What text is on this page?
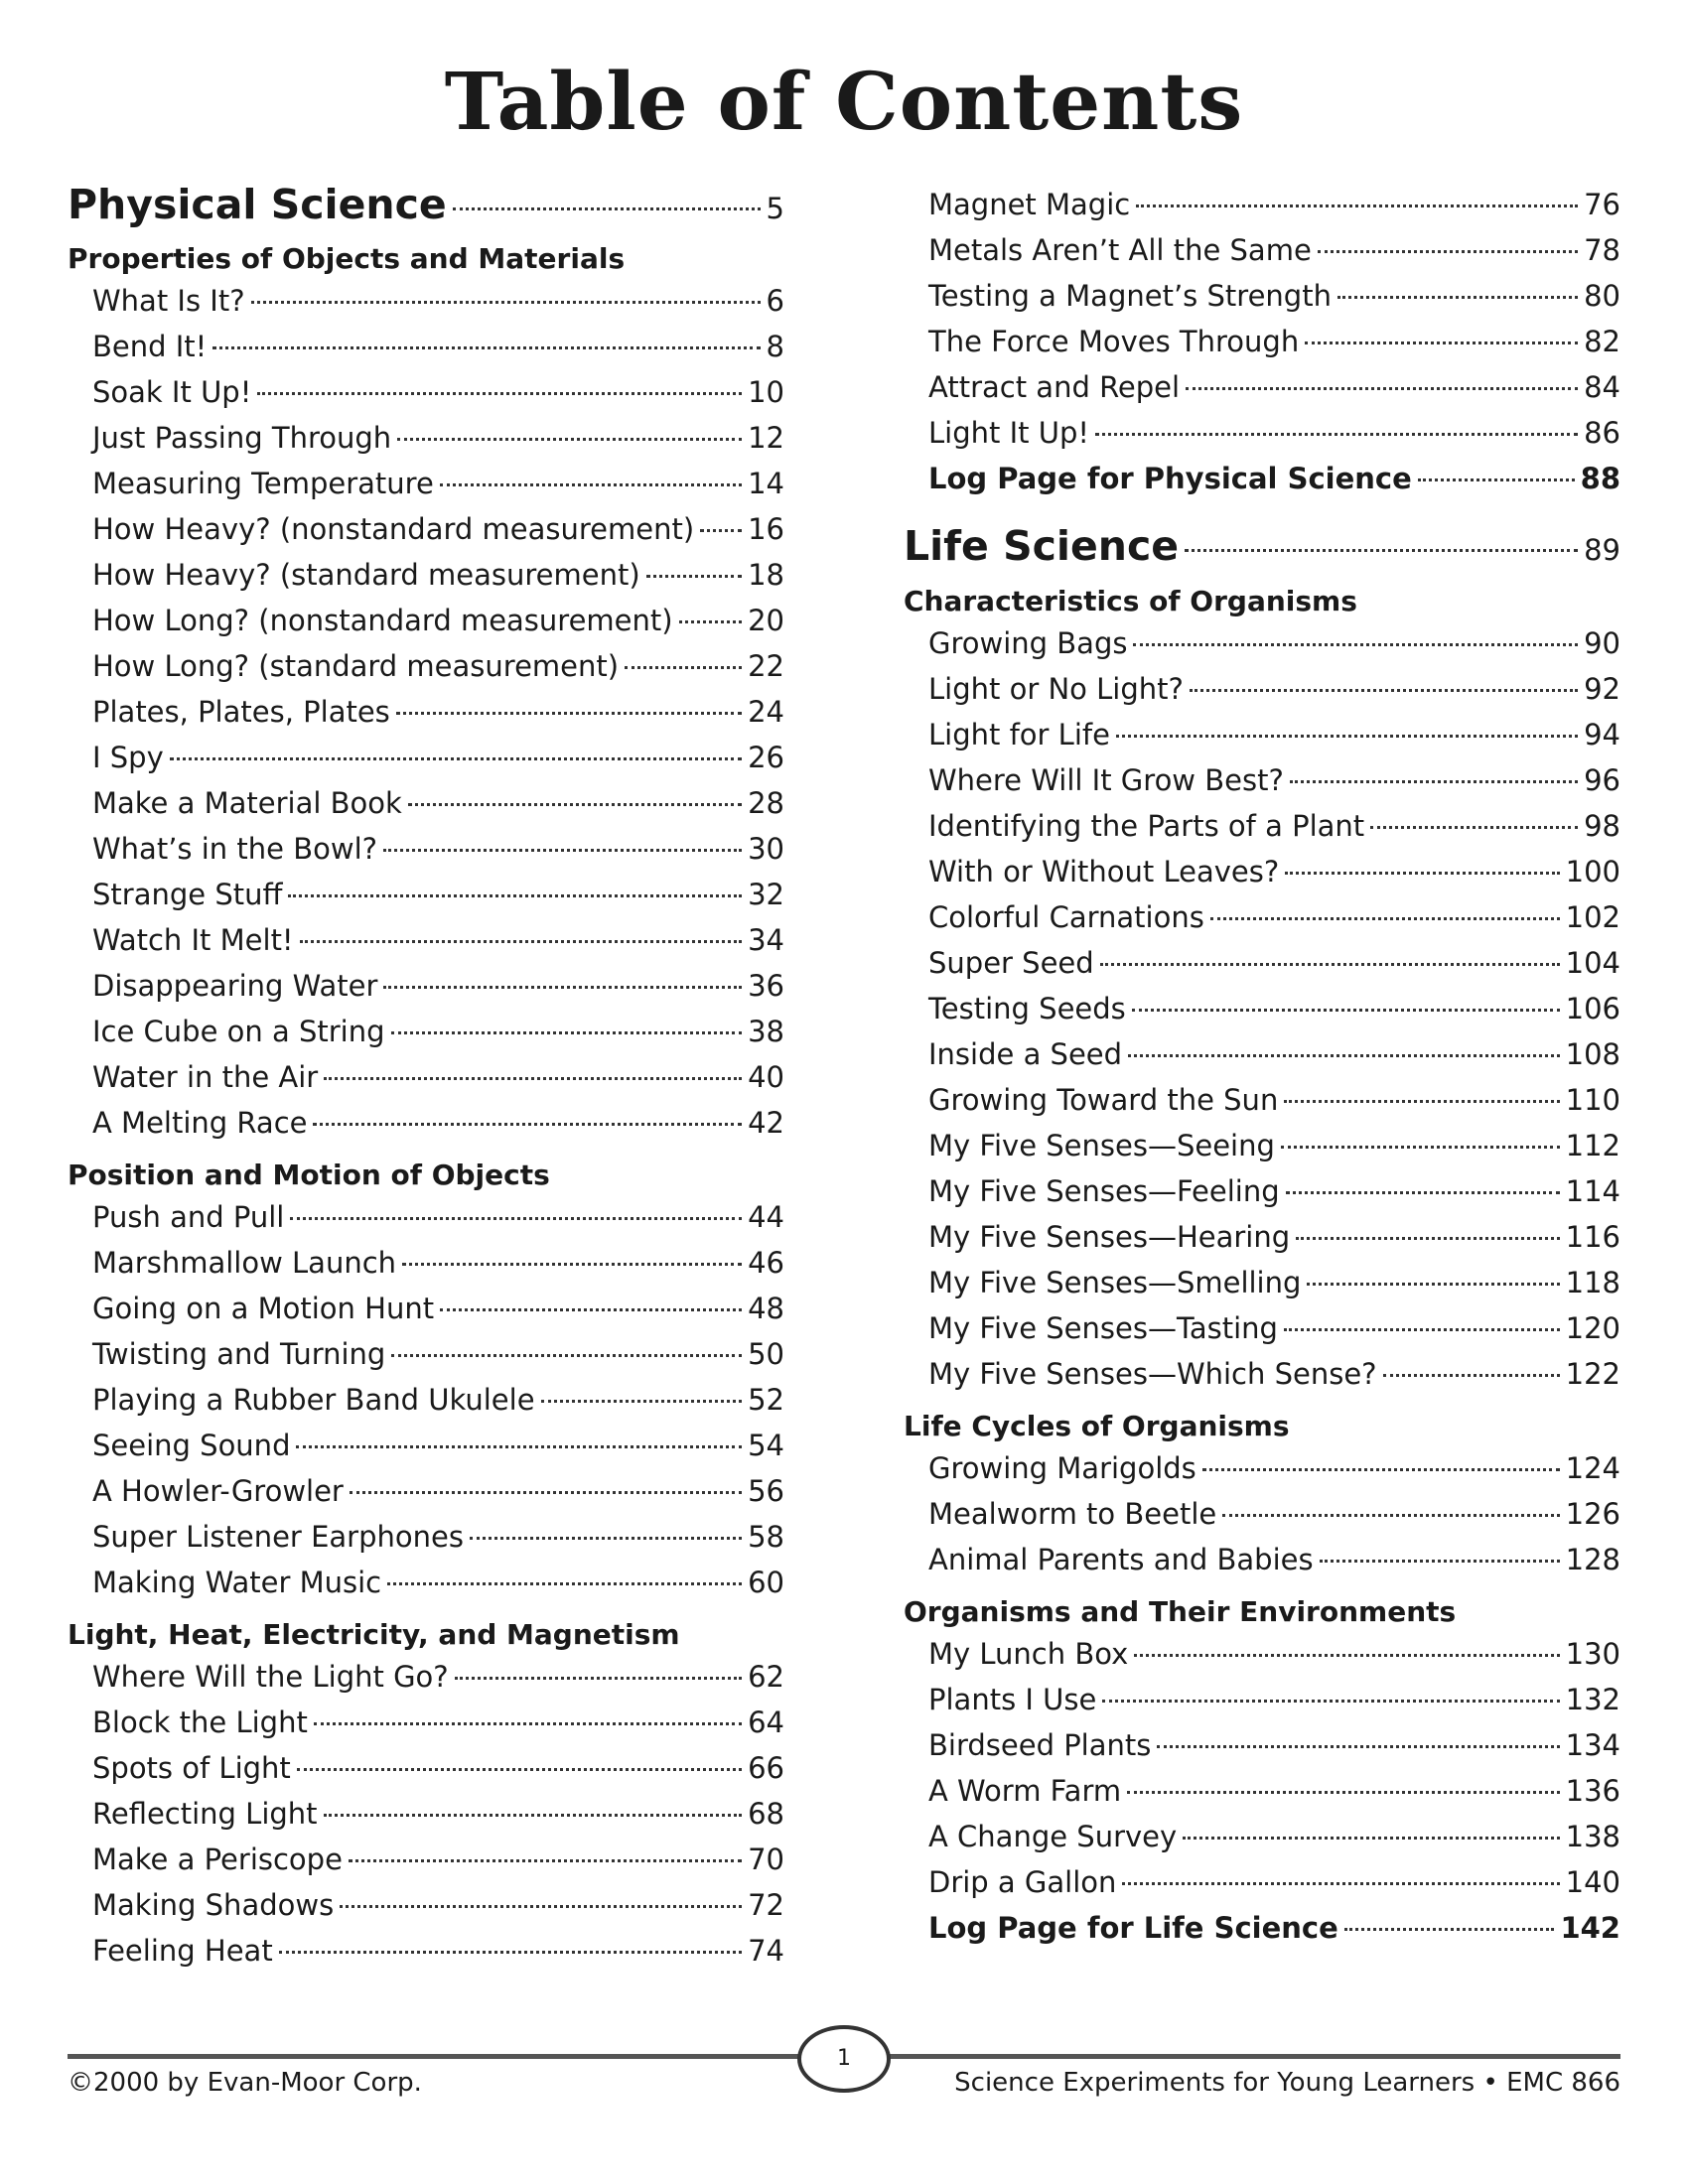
Table of Contents
Physical Science	5
Properties of Objects and Materials
What Is It?	6
Bend It!	8
Soak It Up!	10
Just Passing Through	12
Measuring Temperature	14
How Heavy? (nonstandard measurement) 16
How Heavy? (standard measurement)	18
How Long? (nonstandard measurement)	20
How Long? (standard measurement)	22
Plates, Plates, Plates	24
I Spy	26
Make a Material Book	28
What’s in the Bowl?	30
Strange Stuff	32
Watch It Melt!	34
Disappearing Water	36
Ice Cube on a String	38
Water in the Air	40
A Melting Race	42
Position and Motion of Objects
Push and Pull	44
Marshmallow Launch	46
Going on a Motion Hunt	48
Twisting and Turning	50
Playing a Rubber Band Ukulele	52
Seeing Sound	54
A Howler-Growler	56
Super Listener Earphones	58
Making Water Music	60
Light, Heat, Electricity, and Magnetism
Where Will the Light Go?	62
Block the Light	64
Spots of Light	66
Reflecting Light	68
Make a Periscope	70
Making Shadows	72
Feeling Heat	74
Magnet Magic	76
Metals Aren’t All the Same	78
Testing a Magnet’s Strength	80
The Force Moves Through	82
Attract and Repel	84
Light It Up!	86
Log Page for Physical Science	88
Life Science	89
Characteristics of Organisms
Growing Bags	90
Light or No Light?	92
Light for Life	94
Where Will It Grow Best?	96
Identifying the Parts of a Plant	98
With or Without Leaves?	100
Colorful Carnations	102
Super Seed	104
Testing Seeds	106
Inside a Seed	108
Growing Toward the Sun	110
My Five Senses—Seeing	112
My Five Senses—Feeling	114
My Five Senses—Hearing	116
My Five Senses—Smelling	118
My Five Senses—Tasting	120
My Five Senses—Which Sense?	122
Life Cycles of Organisms
Growing Marigolds	124
Mealworm to Beetle	126
Animal Parents and Babies	128
Organisms and Their Environments
My Lunch Box	130
Plants I Use	132
Birdseed Plants	134
A Worm Farm	136
A Change Survey	138
Drip a Gallon	140
Log Page for Life Science	142
1
©2000 by Evan-Moor Corp.	Science Experiments for Young Learners • EMC 866
